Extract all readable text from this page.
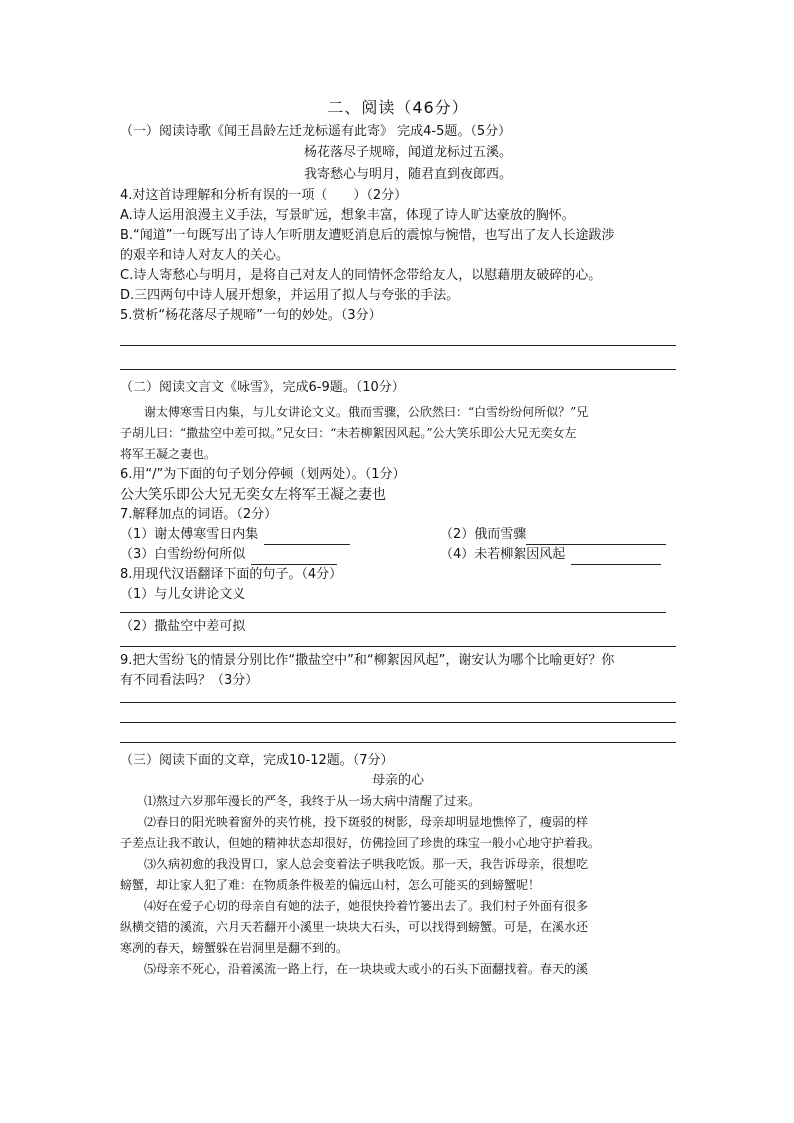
二、阅读（46分）
（一）阅读诗歌《闻王昌龄左迁龙标遥有此寄》 完成4-5题。（5分）
杨花落尽子规啼，闻道龙标过五溪。
我寄愁心与明月，随君直到夜郎西。
4.对这首诗理解和分析有误的一项（　　）（2分）
A.诗人运用浪漫主义手法，写景旷远，想象丰富，体现了诗人旷达豪放的胸怀。
B.“闻道”一句既写出了诗人乍听朋友遭贬消息后的震惊与惋惜，也写出了友人长途跋涉
的艰辛和诗人对友人的关心。
C.诗人寄愁心与明月，是将自己对友人的同情怀念带给友人，以慰藉朋友破碎的心。
D.三四两句中诗人展开想象，并运用了拟人与夸张的手法。
5.赏析“杨花落尽子规啼”一句的妙处。（3分）
（二）阅读文言文《咏雪》，完成6-9题。（10分）
谢太傅寒雪日内集，与儿女讲论文义。俄而雪骤，公欣然曰：“白雪纷纷何所似？”兄
子胡儿曰：“撒盐空中差可拟。”兄女曰：“未若柳絮因风起。”公大笑乐即公大兄无奕女左
将军王凝之妻也。
6.用“/”为下面的句子划分停顿（划两处）。（1分）
公大笑乐即公大兄无奕女左将军王凝之妻也
7.解释加点的词语。（2分）
（1）谢太傅寒雪日内集	（2）俄而雪骤
（3）白雪纷纷何所似	（4）未若柳絮因风起
8.用现代汉语翻译下面的句子。（4分）
（1）与儿女讲论文义
（2）撒盐空中差可拟
9.把大雪纷飞的情景分别比作“撒盐空中”和“柳絮因风起”，谢安认为哪个比喻更好？你
有不同看法吗？（3分）
（三）阅读下面的文章，完成10-12题。（7分）
母亲的心
⑴熬过六岁那年漫长的严冬，我终于从一场大病中清醒了过来。
⑵春日的阳光映着窗外的夹竹桃，投下斑驳的树影，母亲却明显地憔悴了，瘦弱的样
子差点让我不敢认，但她的精神状态却很好，仿佛捡回了珍贵的珠宝一般小心地守护着我。
⑶久病初愈的我没胃口，家人总会变着法子哄我吃饭。那一天，我告诉母亲，很想吃
螃蟹，却让家人犯了难：在物质条件极差的偏远山村，怎么可能买的到螃蟹呢！
⑷好在爱子心切的母亲自有她的法子，她很快拎着竹篓出去了。我们村子外面有很多
纵横交错的溪流，六月天若翻开小溪里一块块大石头，可以找得到螃蟹。可是，在溪水还
寒冽的春天，螃蟹躲在岩洞里是翻不到的。
⑸母亲不死心，沿着溪流一路上行，在一块块或大或小的石头下面翻找着。春天的溪
